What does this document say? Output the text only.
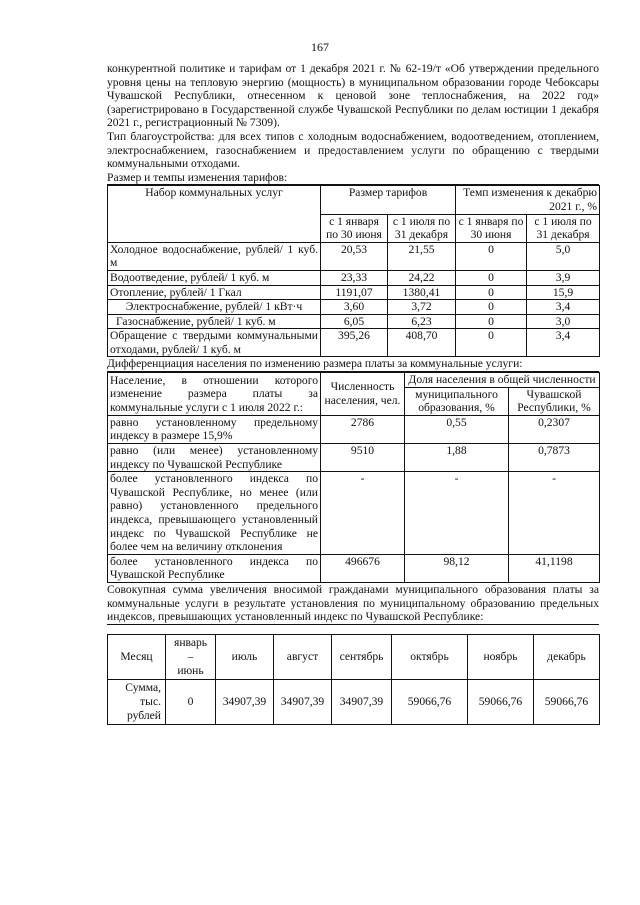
167

конкурентной политике и тарифам от 1 декабря 2021 г. № 62-19/т «Об утверждении предельного уровня цены на тепловую энергию (мощность) в муниципальном образовании городе Чебоксары Чувашской Республики, отнесенном к ценовой зоне теплоснабжения, на 2022 год» (зарегистрировано в Государственной службе Чувашской Республики по делам юстиции 1 декабря 2021 г., регистрационный № 7309).

Тип благоустройства: для всех типов с холодным водоснабжением, водоотведением, отоплением, электроснабжением, газоснабжением и предоставлением услуги по обращению с твердыми коммунальными отходами.

Размер и темпы изменения тарифов:

Набор коммунальных услуг	Размер тарифов		Темп изменения к декабрю 2021 г., %	
	с 1 января по 30 июня	с 1 июля по 31 декабря	с 1 января по 30 июня	с 1 июля по 31 декабря
Холодное водоснабжение, рублей/ 1 куб. м	20,53	21,55	0	5,0
Водоотведение, рублей/ 1 куб. м	23,33	24,22	0	3,9
Отопление, рублей/ 1 Гкал	1191,07	1380,41	0	15,9
Электроснабжение, рублей/ 1 кВт·ч	3,60	3,72	0	3,4
Газоснабжение, рублей/ 1 куб. м	6,05	6,23	0	3,0
Обращение с твердыми коммунальными отходами, рублей/ 1 куб. м	395,26	408,70	0	3,4

Дифференциация населения по изменению размера платы за коммунальные услуги:

Население, в отношении которого изменение размера платы за коммунальные услуги с 1 июля 2022 г.:	Численность населения, чел.	Доля населения в общей численности	
		муниципального образования, %	Чувашской Республики, %
равно установленному предельному индексу в размере 15,9%	2786	0,55	0,2307
равно (или менее) установленному индексу по Чувашской Республике	9510	1,88	0,7873
более установленного индекса по Чувашской Республике, но менее (или равно) установленного предельного индекса, превышающего установленный индекс по Чувашской Республике не более чем на величину отклонения	-	-	-
более установленного индекса по Чувашской Республике	496676	98,12	41,1198

Совокупная сумма увеличения вносимой гражданами муниципального образования платы за коммунальные услуги в результате установления по муниципальному образованию предельных индексов, превышающих установленный индекс по Чувашской Республике:

Месяц	январь – июнь	июль	август	сентябрь	октябрь	ноябрь	декабрь
Сумма, тыс. рублей	0	34907,39	34907,39	34907,39	59066,76	59066,76	59066,76
